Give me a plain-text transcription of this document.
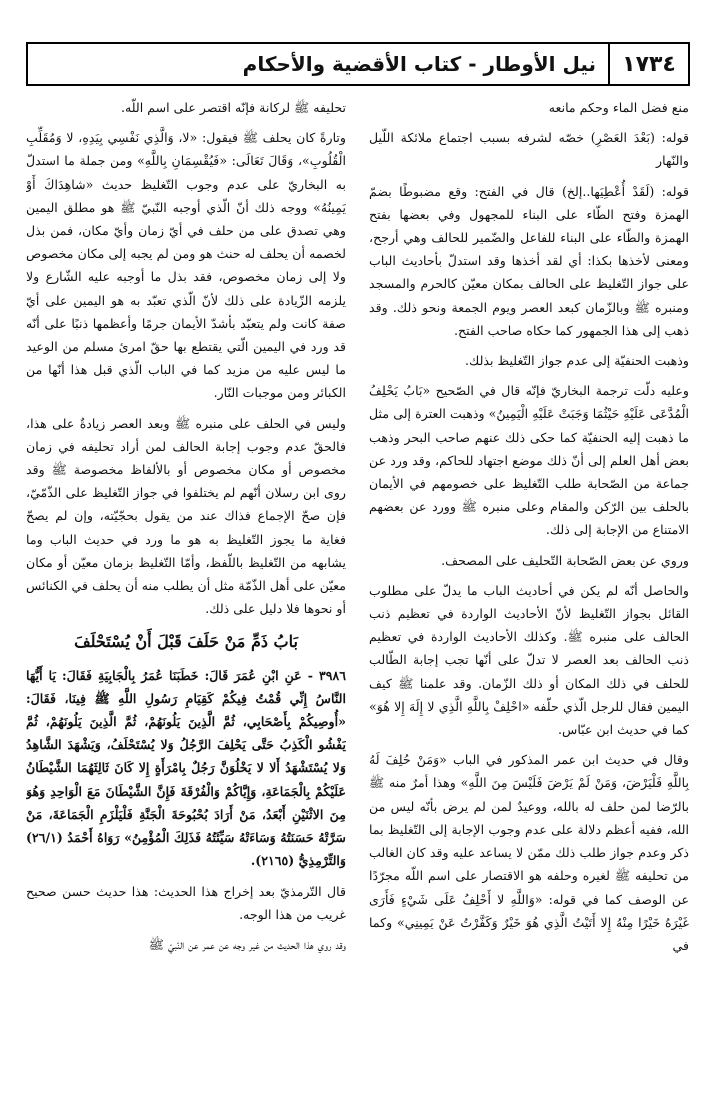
١٧٣٤
نيل الأوطار - كتاب الأقضية والأحكام

منع فضل الماء وحكم مانعه

قوله: (بَعْدَ العَصْرِ) خصّه لشرفه بسبب اجتماع ملائكة اللّيل والنّهار

قوله: (لَقَدْ أُعْطِيَها..إلخ) قال في الفتح: وقع مضبوطًا بضمّ الهمزة وفتح الطّاء على البناء للمجهول وفي بعضها بفتح الهمزة والطّاء على البناء للفاعل والضّمير للحالف وهي أرجح، ومعنى لأخذها بكذا: أي لقد أخذها وقد استدلّ بأحاديث الباب على جواز التّغليظ على الحالف بمكان معيّن كالحرم والمسجد ومنبره ﷺ وبالزّمان كبعد العصر ويوم الجمعة ونحو ذلك. وقد ذهب إلى هذا الجمهور كما حكاه صاحب الفتح.

وذهبت الحنفيّة إلى عدم جواز التّغليظ بذلك.

وعليه دلّت ترجمة البخاريّ فإنّه قال في الصّحيح «بَابُ يَحْلِفُ الْمُدَّعَى عَلَيْهِ حَيْثُمَا وَجَبَتْ عَلَيْهِ الْيَمِينُ» وذهبت العترة إلى مثل ما ذهبت إليه الحنفيّة كما حكى ذلك عنهم صاحب البحر وذهب بعض أهل العلم إلى أنّ ذلك موضع اجتهاد للحاكم، وقد ورد عن جماعة من الصّحابة طلب التّغليظ على خصومهم في الأيمان بالحلف بين الرّكن والمقام وعلى منبره ﷺ وورد عن بعضهم الامتناع من الإجابة إلى ذلك.

وروي عن بعض الصّحابة التّحليف على المصحف.

والحاصل أنّه لم يكن في أحاديث الباب ما يدلّ على مطلوب القائل بجواز التّغليظ لأنّ الأحاديث الواردة في تعظيم ذنب الحالف على منبره ﷺ. وكذلك الأحاديث الواردة في تعظيم ذنب الحالف بعد العصر لا تدلّ على أنّها تجب إجابة الطّالب للحلف في ذلك المكان أو ذلك الزّمان. وقد علمنا ﷺ كيف اليمين فقال للرجل الّذي حلّفه «احْلِفْ بِاللَّهِ الَّذِي لا إِلَهَ إِلا هُوَ» كما في حديث ابن عبّاس.

وقال في حديث ابن عمر المذكور في الباب «وَمَنْ حُلِفَ لَهُ بِاللَّهِ فَلْيَرْضَ، وَمَنْ لَمْ يَرْضَ فَلَيْسَ مِنَ اللَّهِ» وهذا أمرٌ منه ﷺ بالرّضا لمن حلف له بالله، ووعيدٌ لمن لم يرض بأنّه ليس من الله، ففيه أعظم دلالة على عدم وجوب الإجابة إلى التّغليظ بما ذكر وعدم جواز طلب ذلك ممّن لا يساعد عليه وقد كان الغالب من تحليفه ﷺ لغيره وحلفه هو الاقتصار على اسم اللّه مجرّدًا عن الوصف كما في قوله: «وَاللَّهِ لا أَحْلِفُ عَلَى شَيْءٍ فَأَرَى غَيْرَهُ خَيْرًا مِنْهُ إِلا أَتَيْتُ الَّذِي هُوَ خَيْرٌ وَكَفَّرْتُ عَنْ يَمِينِي» وكما في

تحليفه ﷺ لركانة فإنّه اقتصر على اسم اللّه.

وتارةً كان يحلف ﷺ فيقول: «لا، وَالَّذِي نَفْسِي بِيَدِهِ، لا وَمُقَلِّبِ الْقُلُوبِ»، وَقَالَ تَعَالَى: «فَيُقْسِمَانِ بِاللَّهِ» ومن جملة ما استدلّ به البخاريّ على عدم وجوب التّغليظ حديث «شاهِدَاكَ أَوْ يَمِينُهُ» ووجه ذلك أنّ الّذي أوجبه النّبيّ ﷺ هو مطلق اليمين وهي تصدق على من حلف في أيّ زمان وأيّ مكان، فمن بذل لخصمه أن يحلف له حنث هو ومن لم يجبه إلى مكان مخصوص ولا إلى زمان مخصوص، فقد بذل ما أوجبه عليه الشّارع ولا يلزمه الزّيادة على ذلك لأنّ الّذي تعبّد به هو اليمين على أيّ صفة كانت ولم يتعبّد بأشدّ الأيمان جرمًا وأعظمها ذنبًا على أنّه قد ورد في اليمين الّتي يقتطع بها حقّ امرئ مسلم من الوعيد ما ليس عليه من مزيد كما في الباب الّذي قبل هذا أنّها من الكبائر ومن موجبات النّار.

وليس في الحلف على منبره ﷺ وبعد العصر زيادةٌ على هذا، فالحقّ عدم وجوب إجابة الحالف لمن أراد تحليفه في زمان مخصوص أو مكان مخصوص أو بالألفاظ مخصوصة ﷺ وقد روى ابن رسلان أنّهم لم يختلفوا في جواز التّغليظ على الذّمّيّ، فإن صحّ الإجماع فذاك عند من يقول بحجّيّته، وإن لم يصحّ فغاية ما يجوز التّغليظ به هو ما ورد في حديث الباب وما يشابهه من التّغليظ باللّفظ، وأمّا التّغليظ بزمان معيّن أو مكان معيّن على أهل الذّمّة مثل أن يطلب منه أن يحلف في الكنائس أو نحوها فلا دليل على ذلك.

بَابُ ذَمِّ مَنْ حَلَفَ قَبْلَ أَنْ يُسْتَحْلَفَ

٣٩٨٦ - عَنِ ابْنِ عُمَرَ قَالَ: خَطَبَنَا عُمَرُ بِالْجَابِيَةِ فَقَالَ: يَا أَيُّهَا النَّاسُ إِنِّي قُمْتُ فِيكُمْ كَقِيَامِ رَسُولِ اللَّهِ ﷺ فِينَا، فَقَالَ: «أُوصِيكُمْ بِأَصْحَابِي، ثُمَّ الَّذِينَ يَلُونَهُمْ، ثُمَّ الَّذِينَ يَلُونَهُمْ، ثُمَّ يَفْشُو الْكَذِبُ حَتَّى يَحْلِفَ الرَّجُلُ وَلا يُسْتَحْلَفُ، وَيَشْهَدَ الشَّاهِدُ وَلا يُسْتَشْهَدُ أَلا لا يَخْلُوَنَّ رَجُلٌ بِامْرَأَةٍ إِلا كَانَ ثَالِثَهُمَا الشَّيْطَانُ عَلَيْكُمْ بِالْجَمَاعَةِ، وَإِيَّاكُمْ وَالْفُرْقَةَ فَإِنَّ الشَّيْطَانَ مَعَ الْوَاحِدِ وَهُوَ مِنَ الاثْنَيْنِ أَبْعَدُ، مَنْ أَرَادَ بُحْبُوحَةَ الْجَنَّةِ فَلْيَلْزَمِ الْجَمَاعَةَ، مَنْ سَرَّتْهُ حَسَنَتُهُ وَسَاءَتْهُ سَيِّئَتُهُ فَذَلِكَ الْمُؤْمِنُ» رَوَاهُ أَحْمَدُ (٢٦/١) وَالتِّرْمِذِيُّ (٢١٦٥).

قال التّرمذيّ بعد إخراج هذا الحديث: هذا حديث حسن صحيح غريب من هذا الوجه.

وقد روي هذا الحديث من غير وجه عن عمر عن النّبيّ ﷺ
